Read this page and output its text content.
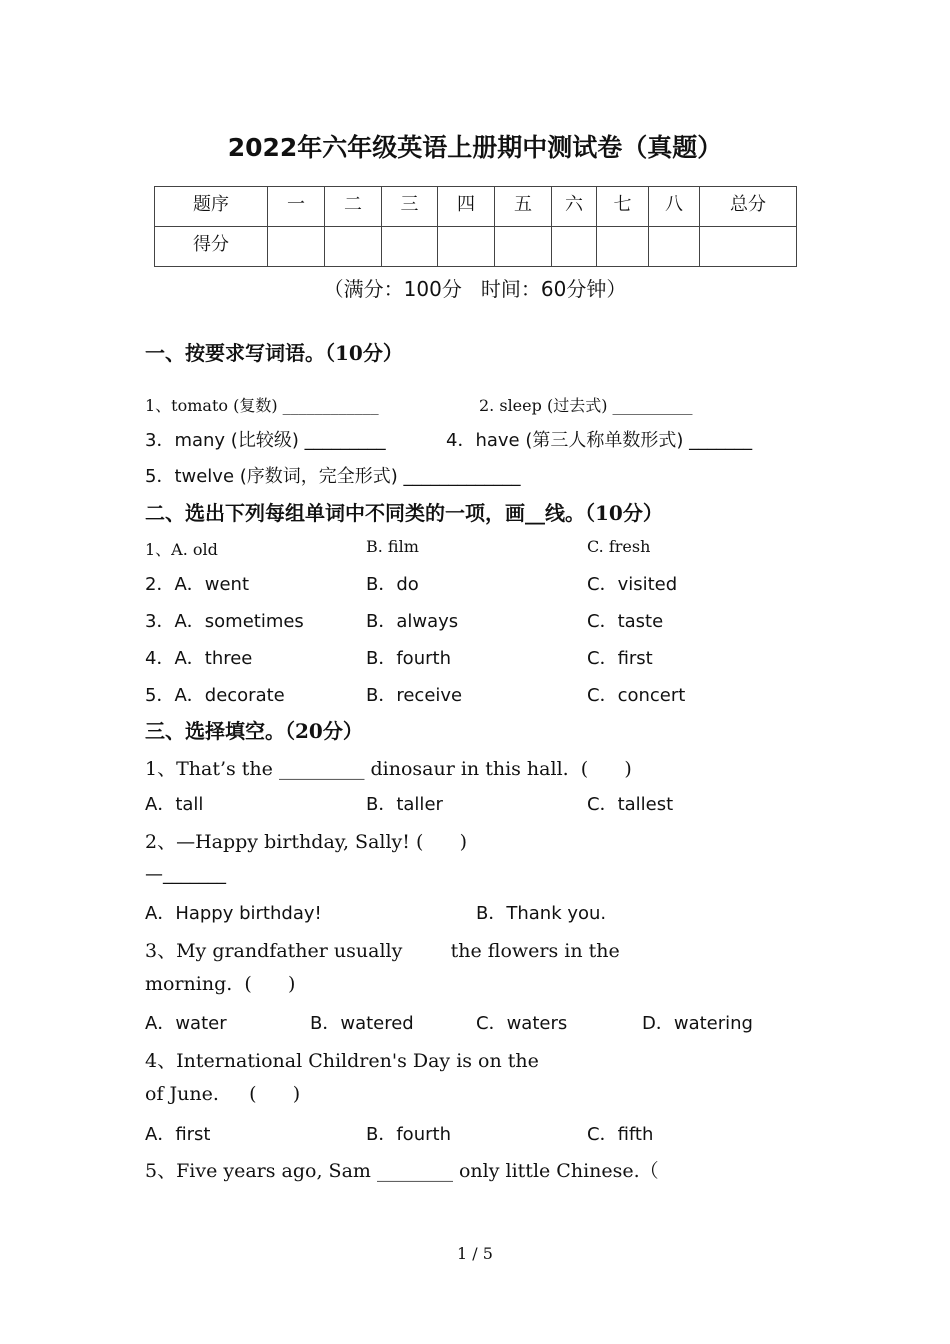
2022年六年级英语上册期中测试卷（真题）
题序	一	二	三	四	五	六	七	八	总分
得分									
（满分：100分   时间：60分钟）
一、按要求写词语。（10分）
1、tomato (复数) ____________	2. sleep (过去式) __________
3．many (比较级) _________	4．have (第三人称单数形式) _______
5．twelve (序数词，完全形式) _____________
二、选出下列每组单词中不同类的一项，画__线。（10分）
1、A. old	B. film	C. fresh
2．A．went	B．do	C．visited
3．A．sometimes	B．always	C．taste
4．A．three	B．fourth	C．first
5．A．decorate	B．receive	C．concert
三、选择填空。（20分）
1、That’s the _________ dinosaur in this hall.  (      )
A．tall	B．taller	C．tallest
2、—Happy birthday, Sally! (      )
—_______
A．Happy birthday!	B．Thank you.
3、My grandfather usually        the flowers in the
morning.  (      )
A．water	B．watered	C．waters	D．watering
4、International Children's Day is on the
of June.     (      )
A．first	B．fourth	C．fifth
5、Five years ago, Sam ________ only little Chinese.（
1 / 5
